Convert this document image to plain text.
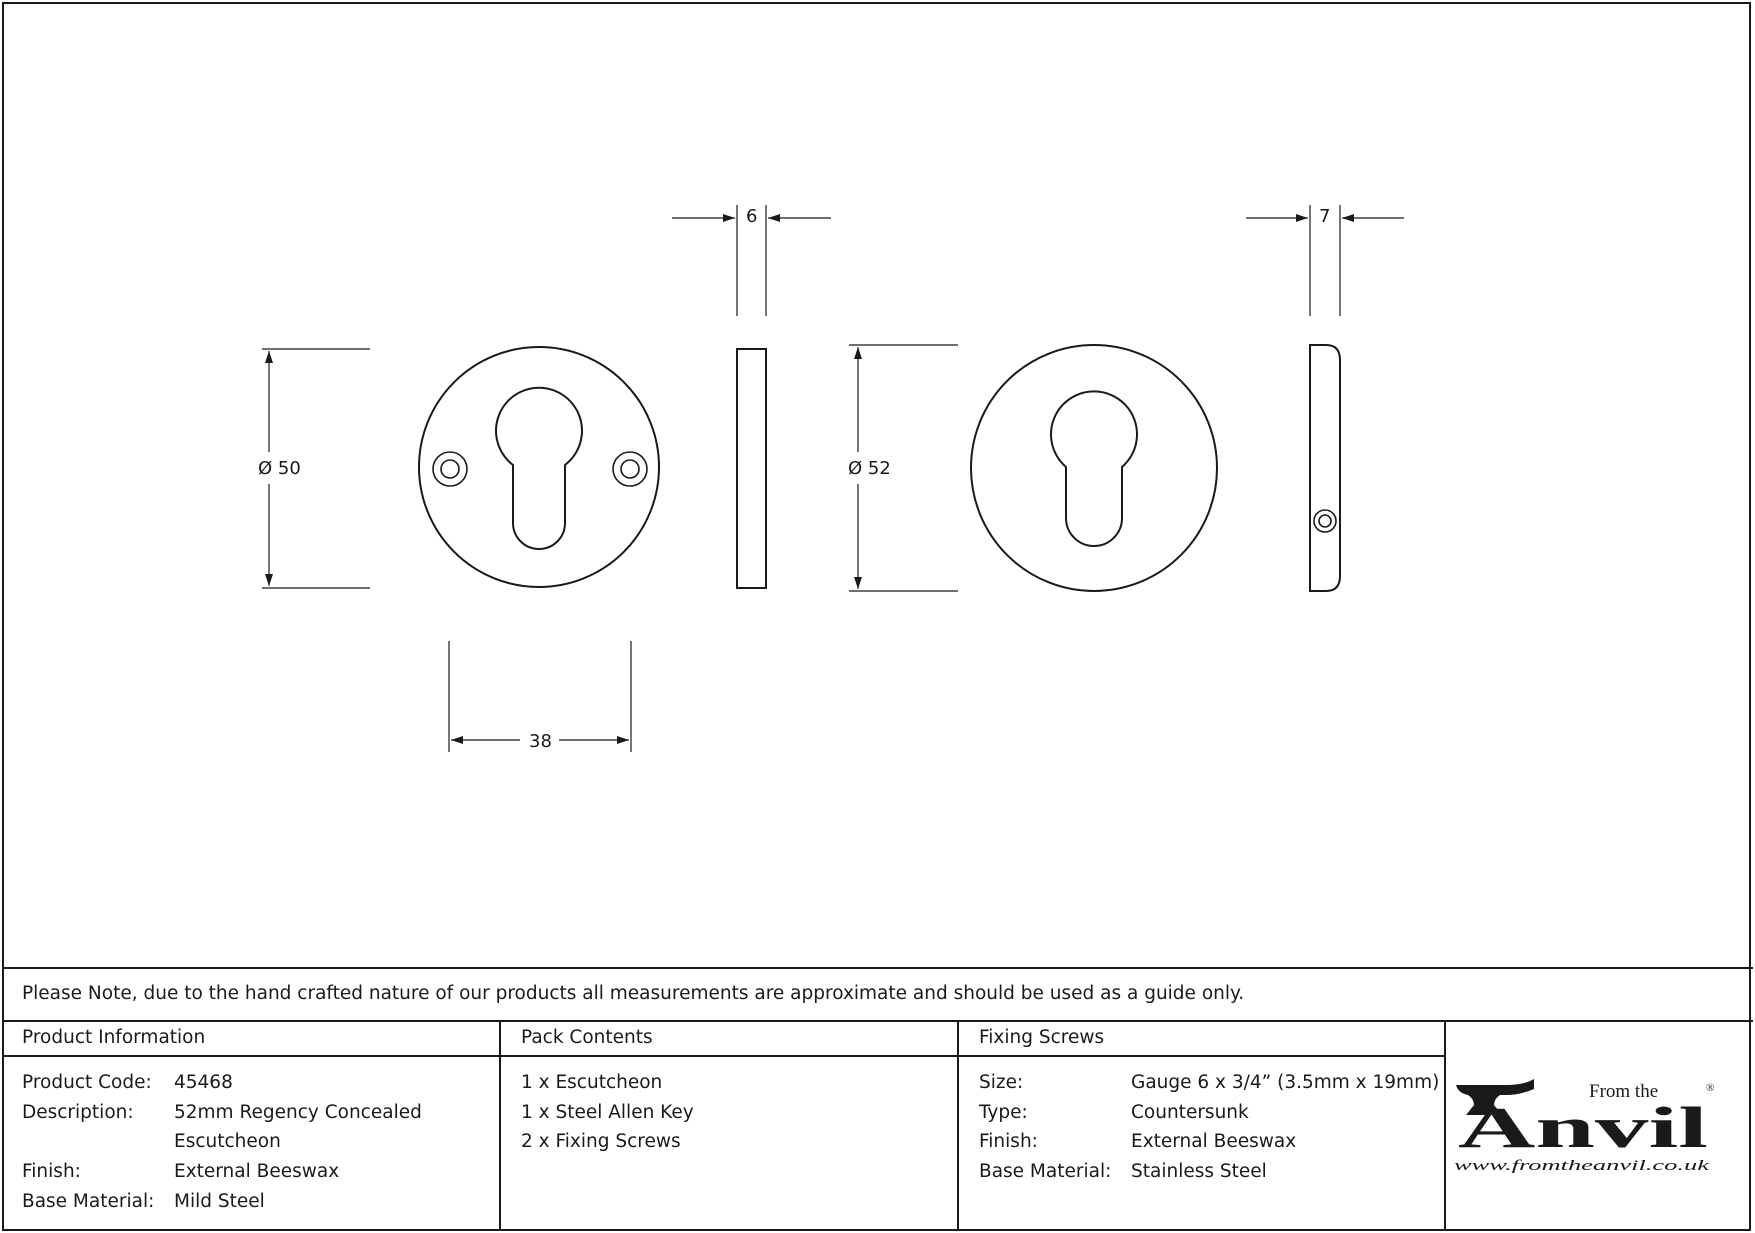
Ø 50
6
38
Ø 52
7
Please Note, due to the hand crafted nature of our products all measurements are approximate and should be used as a guide only.
Product Information
Product Code: 45468
Description: 52mm Regency Concealed
Escutcheon
Finish:	External Beeswax
Base Material: Mild Steel
Pack Contents
1 x Escutcheon
1 x Steel Allen Key
2 x Fixing Screws
Fixing Screws
Size:	Gauge 6 x 3/4” (3.5mm x 19mm)
Type:	Countersunk
Finish:	External Beeswax
Base Material: Stainless Steel
From the
Anvil
®
www.fromtheanvil.co.uk
